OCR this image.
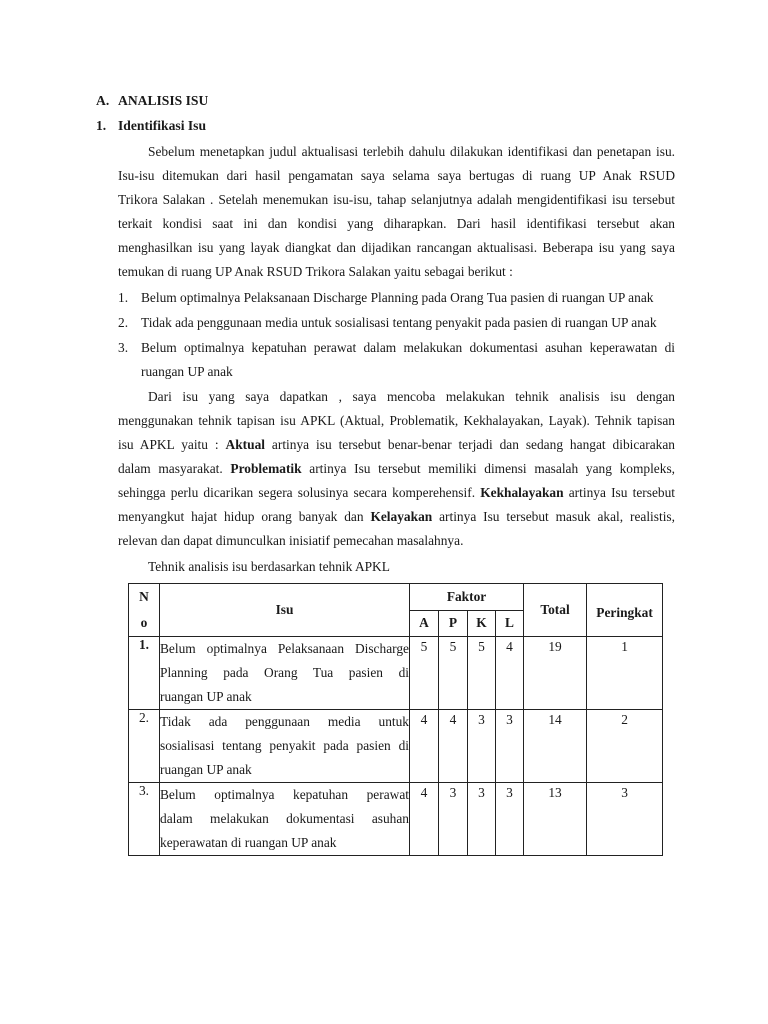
A. ANALISIS ISU
1. Identifikasi Isu
Sebelum menetapkan judul aktualisasi terlebih dahulu dilakukan identifikasi dan penetapan isu.
Isu-isu ditemukan dari hasil pengamatan saya selama saya bertugas di ruang UP Anak RSUD
Trikora Salakan . Setelah menemukan isu-isu, tahap selanjutnya adalah mengidentifikasi isu tersebut
terkait kondisi saat ini dan kondisi yang diharapkan. Dari hasil identifikasi tersebut akan
menghasilkan isu yang layak diangkat dan dijadikan rancangan aktualisasi. Beberapa isu yang saya
temukan di ruang UP Anak RSUD Trikora Salakan yaitu sebagai berikut :
1. Belum optimalnya Pelaksanaan Discharge Planning pada Orang Tua pasien di ruangan UP anak
2. Tidak ada penggunaan media untuk sosialisasi tentang penyakit pada pasien di ruangan UP anak
3. Belum optimalnya kepatuhan perawat dalam melakukan dokumentasi asuhan keperawatan di
ruangan UP anak
Dari isu yang saya dapatkan , saya mencoba melakukan tehnik analisis isu dengan
menggunakan tehnik tapisan isu APKL (Aktual, Problematik, Kekhalayakan, Layak). Tehnik tapisan
isu APKL yaitu : Aktual artinya isu tersebut benar-benar terjadi dan sedang hangat dibicarakan
dalam masyarakat. Problematik artinya Isu tersebut memiliki dimensi masalah yang kompleks,
sehingga perlu dicarikan segera solusinya secara komperehensif. Kekhalayakan artinya Isu tersebut
menyangkut hajat hidup orang banyak dan Kelayakan artinya Isu tersebut masuk akal, realistis,
relevan dan dapat dimunculkan inisiatif pemecahan masalahnya.
Tehnik analisis isu berdasarkan tehnik APKL
N
o	Isu	Faktor				Total	Peringkat
		A	P	K	L		
1.	Belum optimalnya Pelaksanaan Discharge
Planning pada Orang Tua pasien di
ruangan UP anak	5	5	5	4	19	1
2.	Tidak ada penggunaan media untuk
sosialisasi tentang penyakit pada pasien di
ruangan UP anak	4	4	3	3	14	2
3.	Belum optimalnya kepatuhan perawat
dalam melakukan dokumentasi asuhan
keperawatan di ruangan UP anak	4	3	3	3	13	3
